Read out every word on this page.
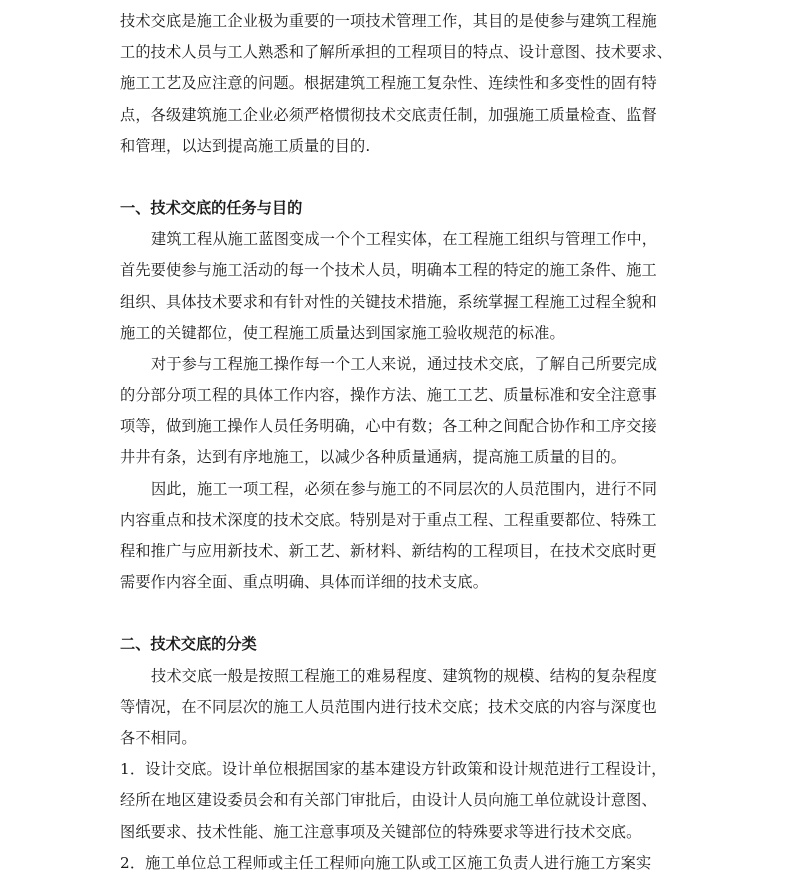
技术交底是施工企业极为重要的一项技术管理工作，其目的是使参与建筑工程施
工的技术人员与工人熟悉和了解所承担的工程项目的特点、设计意图、技术要求、
施工工艺及应注意的问题。根据建筑工程施工复杂性、连续性和多变性的固有特
点，各级建筑施工企业必须严格惯彻技术交底责任制，加强施工质量检查、监督
和管理，以达到提高施工质量的目的.
一、技术交底的任务与目的
建筑工程从施工蓝图变成一个个工程实体，在工程施工组织与管理工作中，
首先要使参与施工活动的每一个技术人员，明确本工程的特定的施工条件、施工
组织、具体技术要求和有针对性的关键技术措施，系统掌握工程施工过程全貌和
施工的关键都位，使工程施工质量达到国家施工验收规范的标准。
对于参与工程施工操作每一个工人来说，通过技术交底，了解自己所要完成
的分部分项工程的具体工作内容，操作方法、施工工艺、质量标准和安全注意事
项等，做到施工操作人员任务明确，心中有数；各工种之间配合协作和工序交接
井井有条，达到有序地施工，以减少各种质量通病，提高施工质量的目的。
因此，施工一项工程，必须在参与施工的不同层次的人员范围内，进行不同
内容重点和技术深度的技术交底。特别是对于重点工程、工程重要都位、特殊工
程和推广与应用新技术、新工艺、新材料、新结构的工程项目，在技术交底时更
需要作内容全面、重点明确、具体而详细的技术支底。
二、技术交底的分类
技术交底一般是按照工程施工的难易程度、建筑物的规模、结构的复杂程度
等情况，在不同层次的施工人员范围内进行技术交底；技术交底的内容与深度也
各不相同。
1．设计交底。设计单位根据国家的基本建设方针政策和设计规范进行工程设计，
经所在地区建设委员会和有关部门审批后，由设计人员向施工单位就设计意图、
图纸要求、技术性能、施工注意事项及关键部位的特殊要求等进行技术交底。
2．施工单位总工程师或主任工程师向施工队或工区施工负责人进行施工方案实
